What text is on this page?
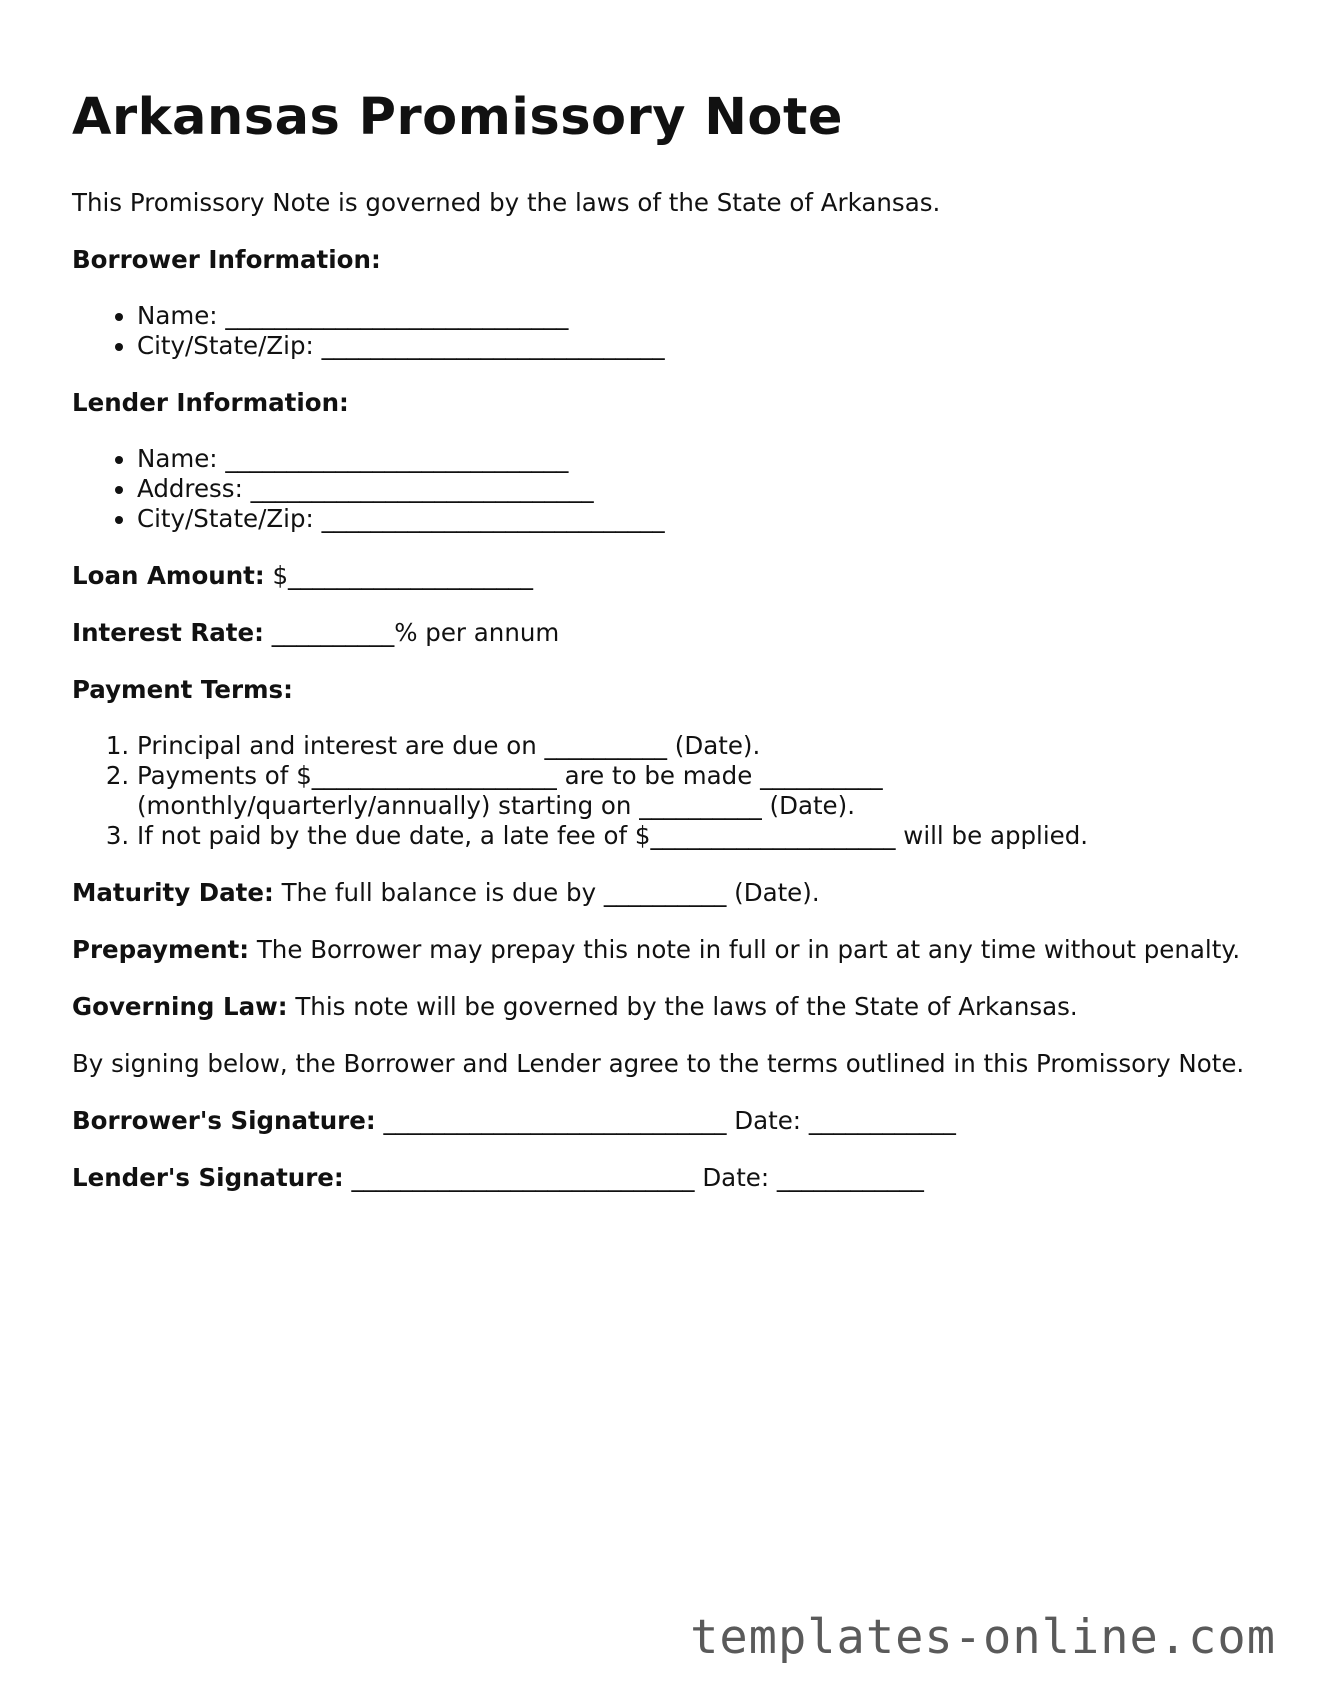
Arkansas Promissory Note

This Promissory Note is governed by the laws of the State of Arkansas.

Borrower Information:

• Name: ____________________________
• City/State/Zip: ____________________________

Lender Information:

• Name: ____________________________
• Address: ____________________________
• City/State/Zip: ____________________________

Loan Amount: $____________________

Interest Rate: __________% per annum

Payment Terms:

1. Principal and interest are due on __________ (Date).
2. Payments of $____________________ are to be made __________ (monthly/quarterly/annually) starting on __________ (Date).
3. If not paid by the due date, a late fee of $____________________ will be applied.

Maturity Date: The full balance is due by __________ (Date).

Prepayment: The Borrower may prepay this note in full or in part at any time without penalty.

Governing Law: This note will be governed by the laws of the State of Arkansas.

By signing below, the Borrower and Lender agree to the terms outlined in this Promissory Note.

Borrower's Signature: ____________________________ Date: ____________

Lender's Signature: ____________________________ Date: ____________

templates-online.com
